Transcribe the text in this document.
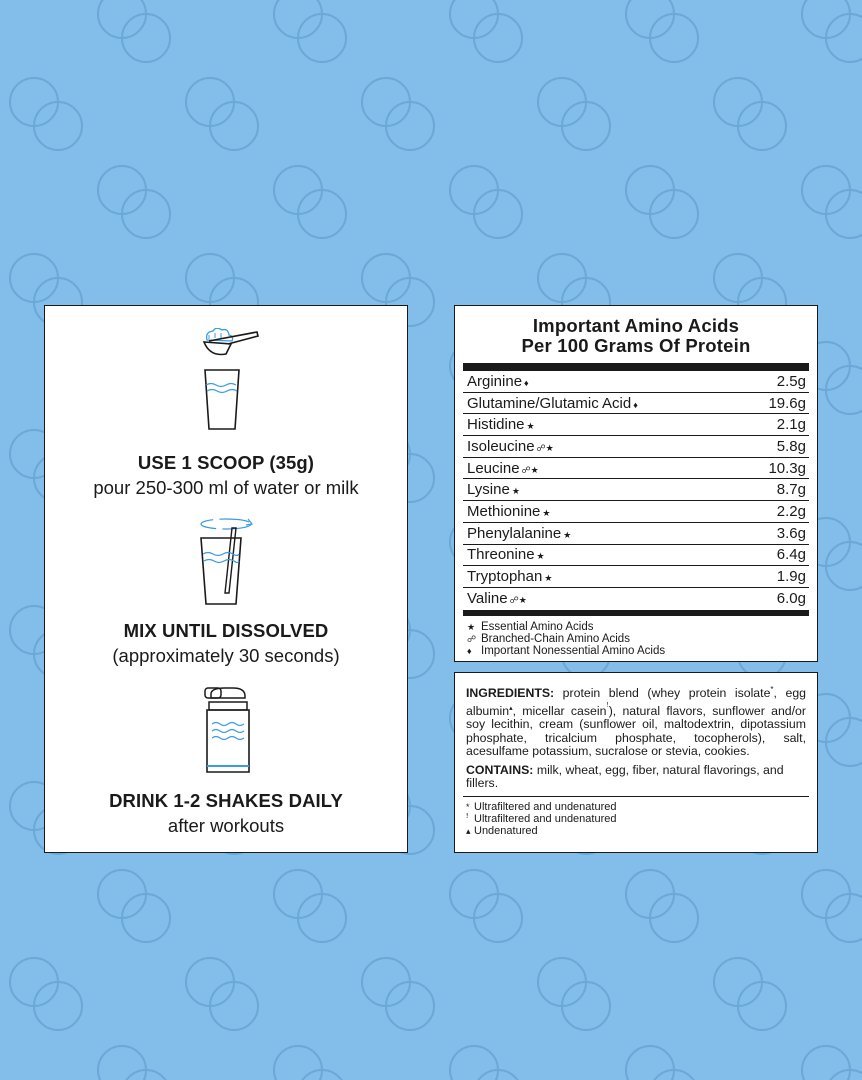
USE 1 SCOOP (35g)
pour 250-300 ml of water or milk
MIX UNTIL DISSOLVED
(approximately 30 seconds)
DRINK 1-2 SHAKES DAILY
after workouts
Important Amino Acids
Per 100 Grams Of Protein
Arginine ♦	2.5g
Glutamine/Glutamic Acid ♦	19.6g
Histidine ★	2.1g
Isoleucine ☍★	5.8g
Leucine ☍★	10.3g
Lysine ★	8.7g
Methionine ★	2.2g
Phenylalanine ★	3.6g
Threonine ★	6.4g
Tryptophan ★	1.9g
Valine ☍★	6.0g
★ Essential Amino Acids
☍ Branched-Chain Amino Acids
♦ Important Nonessential Amino Acids
INGREDIENTS: protein blend (whey protein isolate*, egg albumin▴, micellar casein$^ꜝ$), natural flavors, sunflower and/or soy lecithin, cream (sunflower oil, maltodextrin, dipotassium phosphate, tricalcium phosphate, tocopherols), salt, acesulfame potassium, sucralose or stevia, cookies.
CONTAINS: milk, wheat, egg, fiber, natural flavorings, and fillers.
* Ultrafiltered and undenatured
ꜝ Ultrafiltered and undenatured
▴ Undenatured
